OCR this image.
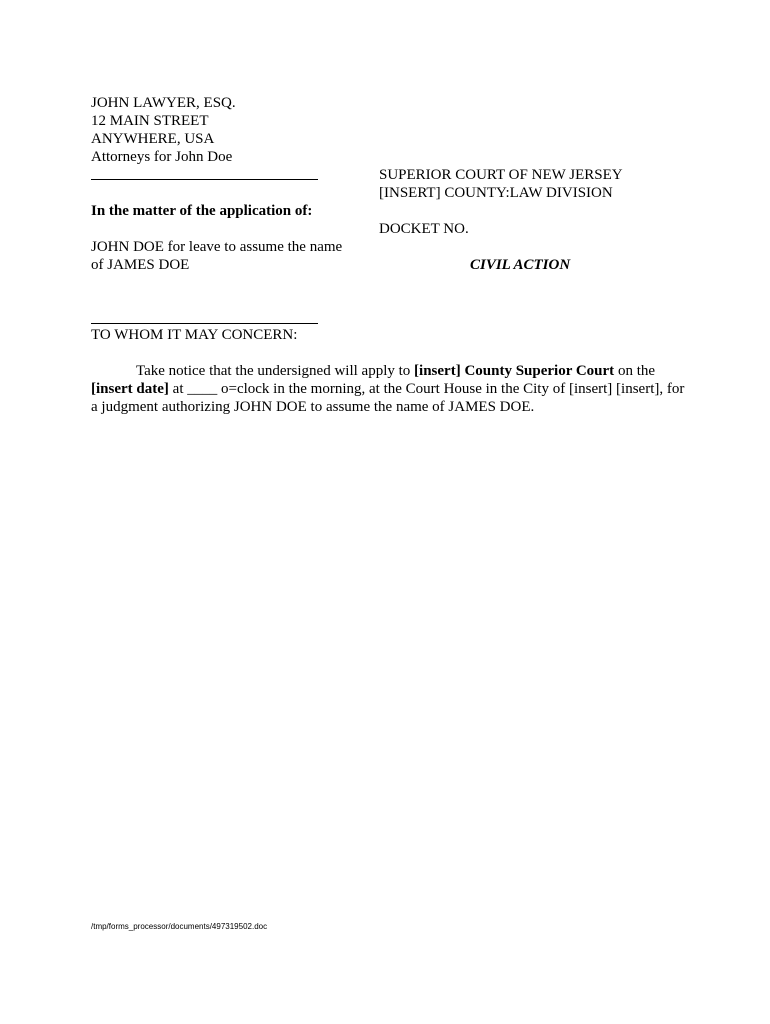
JOHN LAWYER, ESQ.
12 MAIN STREET
ANYWHERE, USA
Attorneys for John Doe
SUPERIOR COURT OF NEW JERSEY
[INSERT] COUNTY:LAW DIVISION
DOCKET NO.
CIVIL ACTION
In the matter of the application of:
JOHN DOE for leave to assume the name
of JAMES DOE
TO WHOM IT MAY CONCERN:
Take notice that the undersigned will apply to [insert] County Superior Court on the [insert date] at ____ o=clock in the morning, at the Court House in the City of [insert] [insert], for a judgment authorizing JOHN DOE to assume the name of JAMES DOE.
/tmp/forms_processor/documents/497319502.doc
